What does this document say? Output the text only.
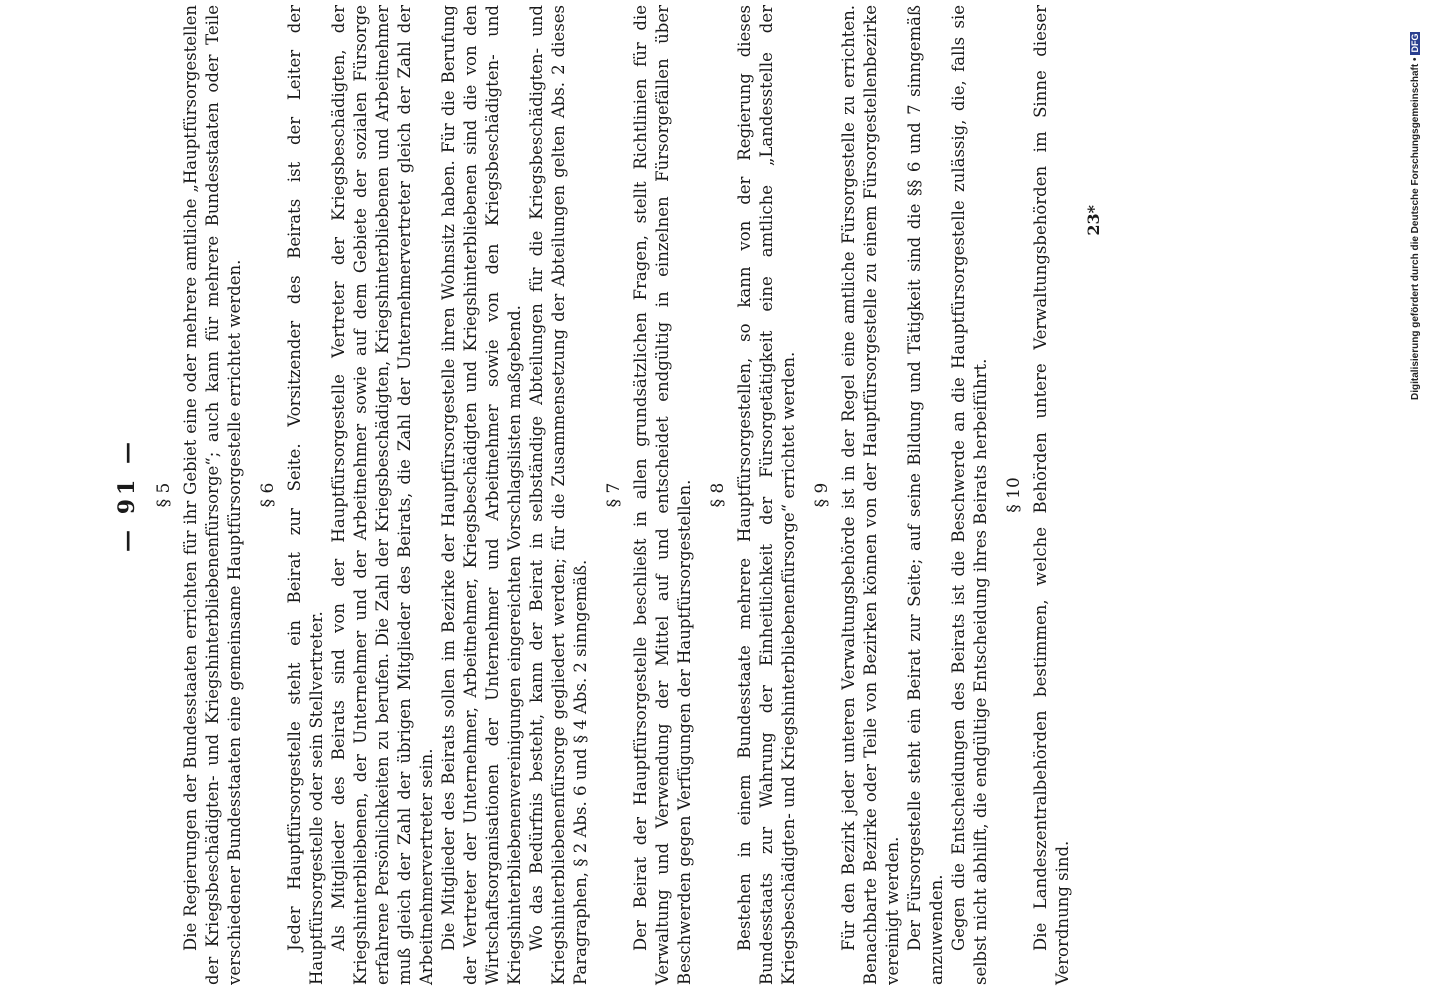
— 91 — § 5 Die Regierungen der Bundesstaaten errichten für ihr Gebiet eine oder mehrere amtliche „Hauptfürsorgestellen der Kriegsbeschädigten- und Kriegshinterbliebenenfürsorge“; auch kann für mehrere Bundesstaaten oder Teile verschiedener Bundesstaaten eine gemeinsame Hauptfürsorgestelle errichtet werden. § 6 Jeder Hauptfürsorgestelle steht ein Beirat zur Seite. Vorsitzender des Beirats ist der Leiter der Hauptfürsorgestelle oder sein Stellvertreter. Als Mitglieder des Beirats sind von der Hauptfürsorgestelle Vertreter der Kriegsbeschädigten, der Kriegshinterbliebenen, der Unternehmer und der Arbeitnehmer sowie auf dem Gebiete der sozialen Fürsorge erfahrene Persönlichkeiten zu berufen. Die Zahl der Kriegsbeschädigten, Kriegshinterbliebenen und Arbeitnehmer muß gleich der Zahl der übrigen Mitglieder des Beirats, die Zahl der Unternehmervertreter gleich der Zahl der Arbeitnehmervertreter sein. Die Mitglieder des Beirats sollen im Bezirke der Hauptfürsorgestelle ihren Wohnsitz haben. Für die Berufung der Vertreter der Unternehmer, Arbeitnehmer, Kriegsbeschädigten und Kriegshinterbliebenen sind die von den Wirtschaftsorganisationen der Unternehmer und Arbeitnehmer sowie von den Kriegsbeschädigten- und Kriegshinterbliebenenvereinigungen eingereichten Vorschlagslisten maßgebend. Wo das Bedürfnis besteht, kann der Beirat in selbständige Abteilungen für die Kriegsbeschädigten- und Kriegshinterbliebenenfürsorge gegliedert werden; für die Zusammensetzung der Abteilungen gelten Abs. 2 dieses Paragraphen, § 2 Abs. 6 und § 4 Abs. 2 sinngemäß.

§ 7 Der Beirat der Hauptfürsorgestelle beschließt in allen grundsätzlichen Fragen, stellt Richtlinien für die Verwaltung und Verwendung der Mittel auf und entscheidet endgültig in einzelnen Fürsorgefällen über Beschwerden gegen Verfügungen der Hauptfürsorgestellen. § 8 Bestehen in einem Bundesstaate mehrere Hauptfürsorgestellen, so kann von der Regierung dieses Bundesstaats zur Wahrung der Einheitlichkeit der Fürsorgetätigkeit eine amtliche „Landesstelle der Kriegsbeschädigten- und Kriegshinterbliebenenfürsorge“ errichtet werden. § 9 Für den Bezirk jeder unteren Verwaltungsbehörde ist in der Regel eine amtliche Fürsorgestelle zu errichten. Benachbarte Bezirke oder Teile von Bezirken können von der Hauptfürsorgestelle zu einem Fürsorgestellenbezirke vereinigt werden. Der Fürsorgestelle steht ein Beirat zur Seite; auf seine Bildung und Tätigkeit sind die §§ 6 und 7 sinngemäß anzuwenden. Gegen die Entscheidungen des Beirats ist die Beschwerde an die Hauptfürsorgestelle zulässig, die, falls sie selbst nicht abhilft, die endgültige Entscheidung ihres Beirats herbeiführt. § 10 Die Landeszentralbehörden bestimmen, welche Behörden untere Verwaltungsbehörden im Sinne dieser Verordnung sind.

23*	Digitalisierung gefördert durch die Deutsche Forschungsgemeinschaft •DFG
